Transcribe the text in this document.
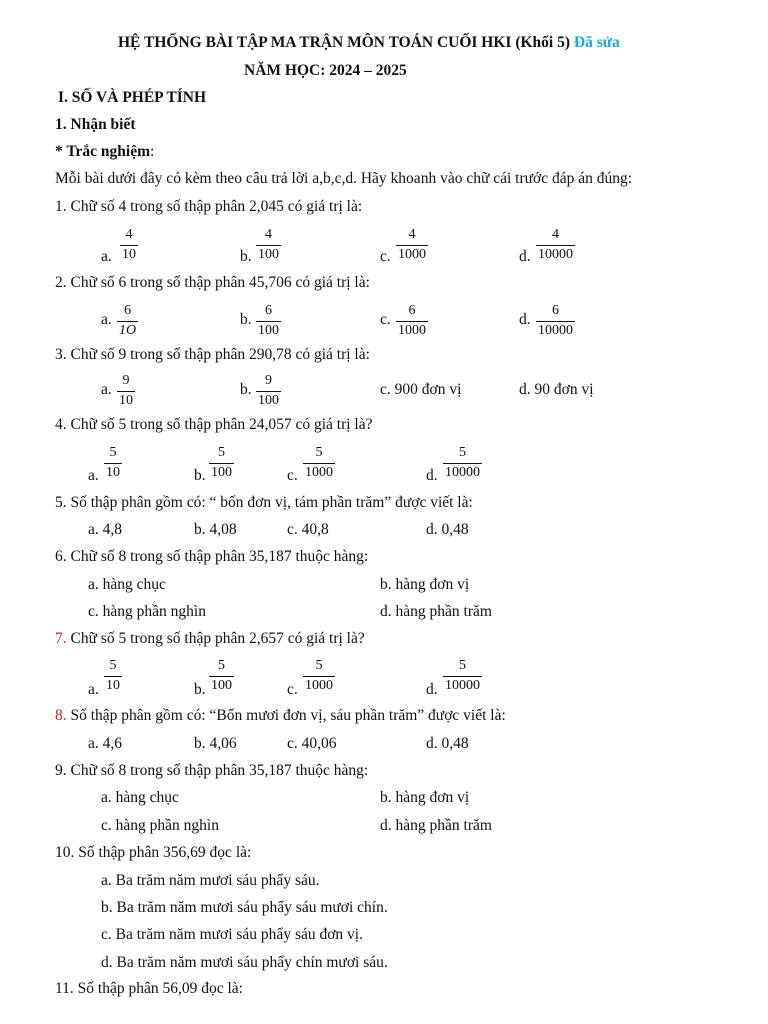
HỆ THỐNG BÀI TẬP MA TRẬN MÔN TOÁN CUỐI HKI (Khối 5) Đã sửa
NĂM HỌC: 2024 – 2025
I. SỐ VÀ PHÉP TÍNH
1. Nhận biết
* Trắc nghiệm:
Mỗi bài dưới đây có kèm theo câu trả lời a,b,c,d. Hãy khoanh vào chữ cái trước đáp án đúng:
1. Chữ số 4 trong số thập phân 2,045 có giá trị là:
a. $\frac{4}{10}$	b. $\frac{4}{100}$	c. $\frac{4}{1000}$	d. $\frac{4}{10000}$
2. Chữ số 6 trong số thập phân 45,706 có giá trị là:
a. $\frac{6}{1O}$	b. $\frac{6}{100}$	c. $\frac{6}{1000}$	d. $\frac{6}{10000}$
3. Chữ số 9 trong số thập phân 290,78 có giá trị là:
a. $\frac{9}{10}$	b. $\frac{9}{100}$	c. 900 đơn vị	d. 90 đơn vị
4. Chữ số 5 trong số thập phân 24,057 có giá trị là?
a. $\frac{5}{10}$	b. $\frac{5}{100}$	c. $\frac{5}{1000}$	d. $\frac{5}{10000}$
5. Số thập phân gồm có: “ bốn đơn vị, tám phần trăm” được viết là:
a. 4,8	b. 4,08	c. 40,8	d. 0,48
6. Chữ số 8 trong số thập phân 35,187 thuộc hàng:
a. hàng chục	b. hàng đơn vị
c. hàng phần nghìn	d. hàng phần trăm
7. Chữ số 5 trong số thập phân 2,657 có giá trị là?
a. $\frac{5}{10}$	b. $\frac{5}{100}$	c. $\frac{5}{1000}$	d. $\frac{5}{10000}$
8. Số thập phân gồm có: “Bốn mươi đơn vị, sáu phần trăm” được viết là:
a. 4,6	b. 4,06	c. 40,06	d. 0,48
9. Chữ số 8 trong số thập phân 35,187 thuộc hàng:
a. hàng chục	b. hàng đơn vị
c. hàng phần nghìn	d. hàng phần trăm
10. Số thập phân 356,69 đọc là:
a. Ba trăm năm mươi sáu phẩy sáu.
b. Ba trăm năm mươi sáu phẩy sáu mươi chín.
c. Ba trăm năm mươi sáu phẩy sáu đơn vị.
d. Ba trăm năm mươi sáu phẩy chín mươi sáu.
11. Số thập phân 56,09 đọc là:
